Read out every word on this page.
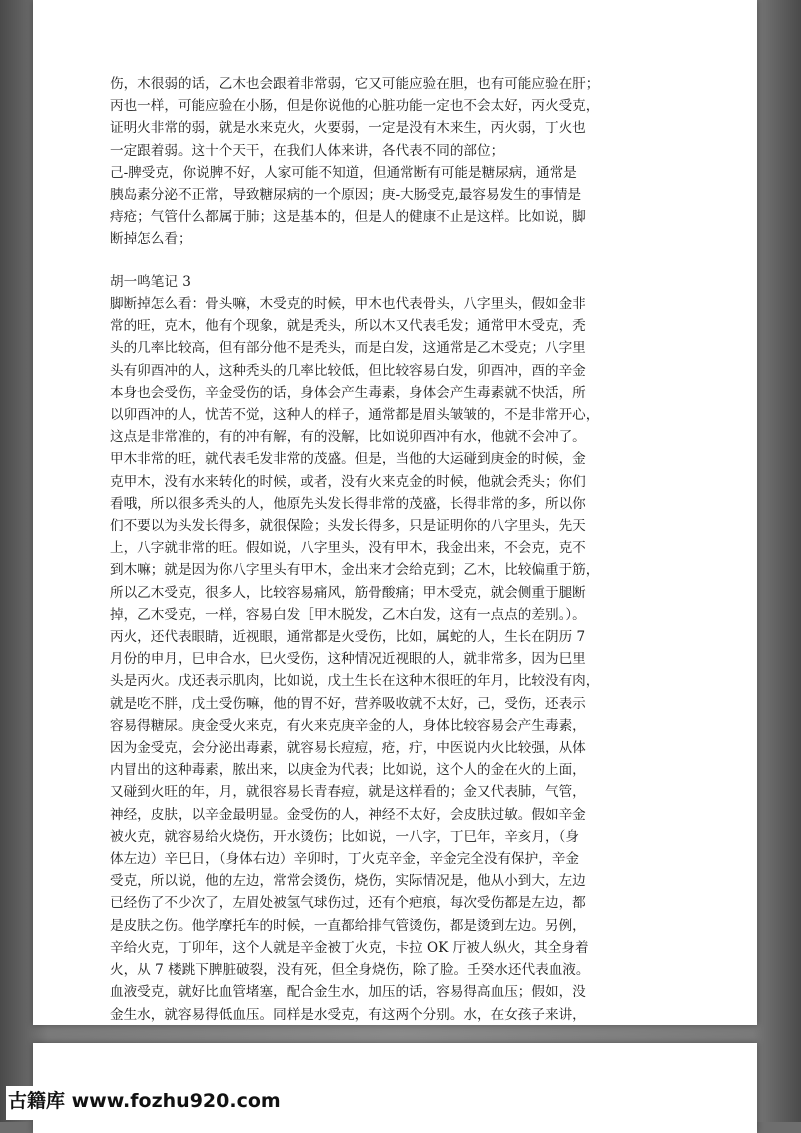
伤，木很弱的话，乙木也会跟着非常弱，它又可能应验在胆，也有可能应验在肝；

丙也一样，可能应验在小肠，但是你说他的心脏功能一定也不会太好，丙火受克，

证明火非常的弱，就是水来克火，火要弱，一定是没有木来生，丙火弱，丁火也

一定跟着弱。这十个天干，在我们人体来讲，各代表不同的部位；

己-脾受克，你说脾不好，人家可能不知道，但通常断有可能是糖尿病，通常是

胰岛素分泌不正常，导致糖尿病的一个原因；庚-大肠受克,最容易发生的事情是

痔疮；气管什么都属于肺；这是基本的，但是人的健康不止是这样。比如说，脚

断掉怎么看；

胡一鸣笔记 3

脚断掉怎么看：骨头嘛，木受克的时候，甲木也代表骨头，八字里头，假如金非

常的旺，克木，他有个现象，就是秃头，所以木又代表毛发；通常甲木受克，秃

头的几率比较高，但有部分他不是秃头，而是白发，这通常是乙木受克；八字里

头有卯酉冲的人，这种秃头的几率比较低，但比较容易白发，卯酉冲，酉的辛金

本身也会受伤，辛金受伤的话，身体会产生毒素，身体会产生毒素就不快活，所

以卯酉冲的人，忧苦不觉，这种人的样子，通常都是眉头皱皱的，不是非常开心，

这点是非常准的，有的冲有解，有的没解，比如说卯酉冲有水，他就不会冲了。

甲木非常的旺，就代表毛发非常的茂盛。但是，当他的大运碰到庚金的时候，金

克甲木，没有水来转化的时候，或者，没有火来克金的时候，他就会秃头；你们

看哦，所以很多秃头的人，他原先头发长得非常的茂盛，长得非常的多，所以你

们不要以为头发长得多，就很保险；头发长得多，只是证明你的八字里头，先天

上，八字就非常的旺。假如说，八字里头，没有甲木，我金出来，不会克，克不

到木嘛；就是因为你八字里头有甲木，金出来才会给克到；乙木，比较偏重于筋，

所以乙木受克，很多人，比较容易痛风，筋骨酸痛；甲木受克，就会侧重于腿断

掉，乙木受克，一样，容易白发［甲木脱发，乙木白发，这有一点点的差别。）。

丙火，还代表眼睛，近视眼，通常都是火受伤，比如，属蛇的人，生长在阴历 7

月份的申月，巳申合水，巳火受伤，这种情况近视眼的人，就非常多，因为巳里

头是丙火。戊还表示肌肉，比如说，戊土生长在这种木很旺的年月，比较没有肉，

就是吃不胖，戊土受伤嘛，他的胃不好，营养吸收就不太好，己，受伤，还表示

容易得糖尿。庚金受火来克，有火来克庚辛金的人，身体比较容易会产生毒素，

因为金受克，会分泌出毒素，就容易长痘痘，疮，疔，中医说内火比较强，从体

内冒出的这种毒素，脓出来，以庚金为代表；比如说，这个人的金在火的上面，

又碰到火旺的年，月，就很容易长青春痘，就是这样看的；金又代表肺，气管，

神经，皮肤，以辛金最明显。金受伤的人，神经不太好，会皮肤过敏。假如辛金

被火克，就容易给火烧伤，开水烫伤；比如说，一八字，丁巳年，辛亥月，（身

体左边）辛巳日，（身体右边）辛卯时，丁火克辛金，辛金完全没有保护，辛金

受克，所以说，他的左边，常常会烫伤，烧伤，实际情况是，他从小到大，左边

已经伤了不少次了，左眉处被氢气球伤过，还有个疤痕，每次受伤都是左边，都

是皮肤之伤。他学摩托车的时候，一直都给排气管烫伤，都是烫到左边。另例，

辛给火克，丁卯年，这个人就是辛金被丁火克，卡拉 OK 厅被人纵火，其全身着

火，从 7 楼跳下脾脏破裂，没有死，但全身烧伤，除了脸。壬癸水还代表血液。

血液受克，就好比血管堵塞，配合金生水，加压的话，容易得高血压；假如，没

金生水，就容易得低血压。同样是水受克，有这两个分别。水，在女孩子来讲，

古籍库 www.fozhu920.com
